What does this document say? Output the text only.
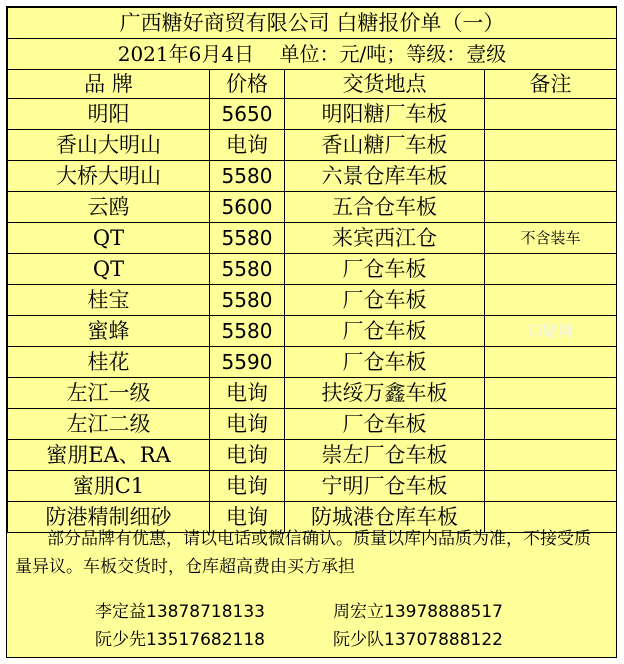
广西糖好商贸有限公司 白糖报价单（一）			
2021年6月4日    单位：元/吨；等级：壹级			
品 牌	价格	交货地点	备注
明阳	5650	明阳糖厂车板	
香山大明山	电询	香山糖厂车板	
大桥大明山	5580	六景仓库车板	
云鸥	5600	五合仓车板	
QT	5580	来宾西江仓	不含装车
QT	5580	厂仓车板	
桂宝	5580	厂仓车板	
蜜蜂	5580	厂仓车板	口糖网
桂花	5590	厂仓车板	
左江一级	电询	扶绥万鑫车板	
左江二级	电询	厂仓车板	
蜜朋EA、RA	电询	崇左厂仓车板	
蜜朋C1	电询	宁明厂仓车板	
防港精制细砂	电询	防城港仓库车板	
部分品牌有优惠，请以电话或微信确认。质量以库内品质为准，不接受质量异议。车板交货时，仓库超高费由买方承担
李定益13878718133	周宏立13978888517
阮少先13517682118	阮少队13707888122
